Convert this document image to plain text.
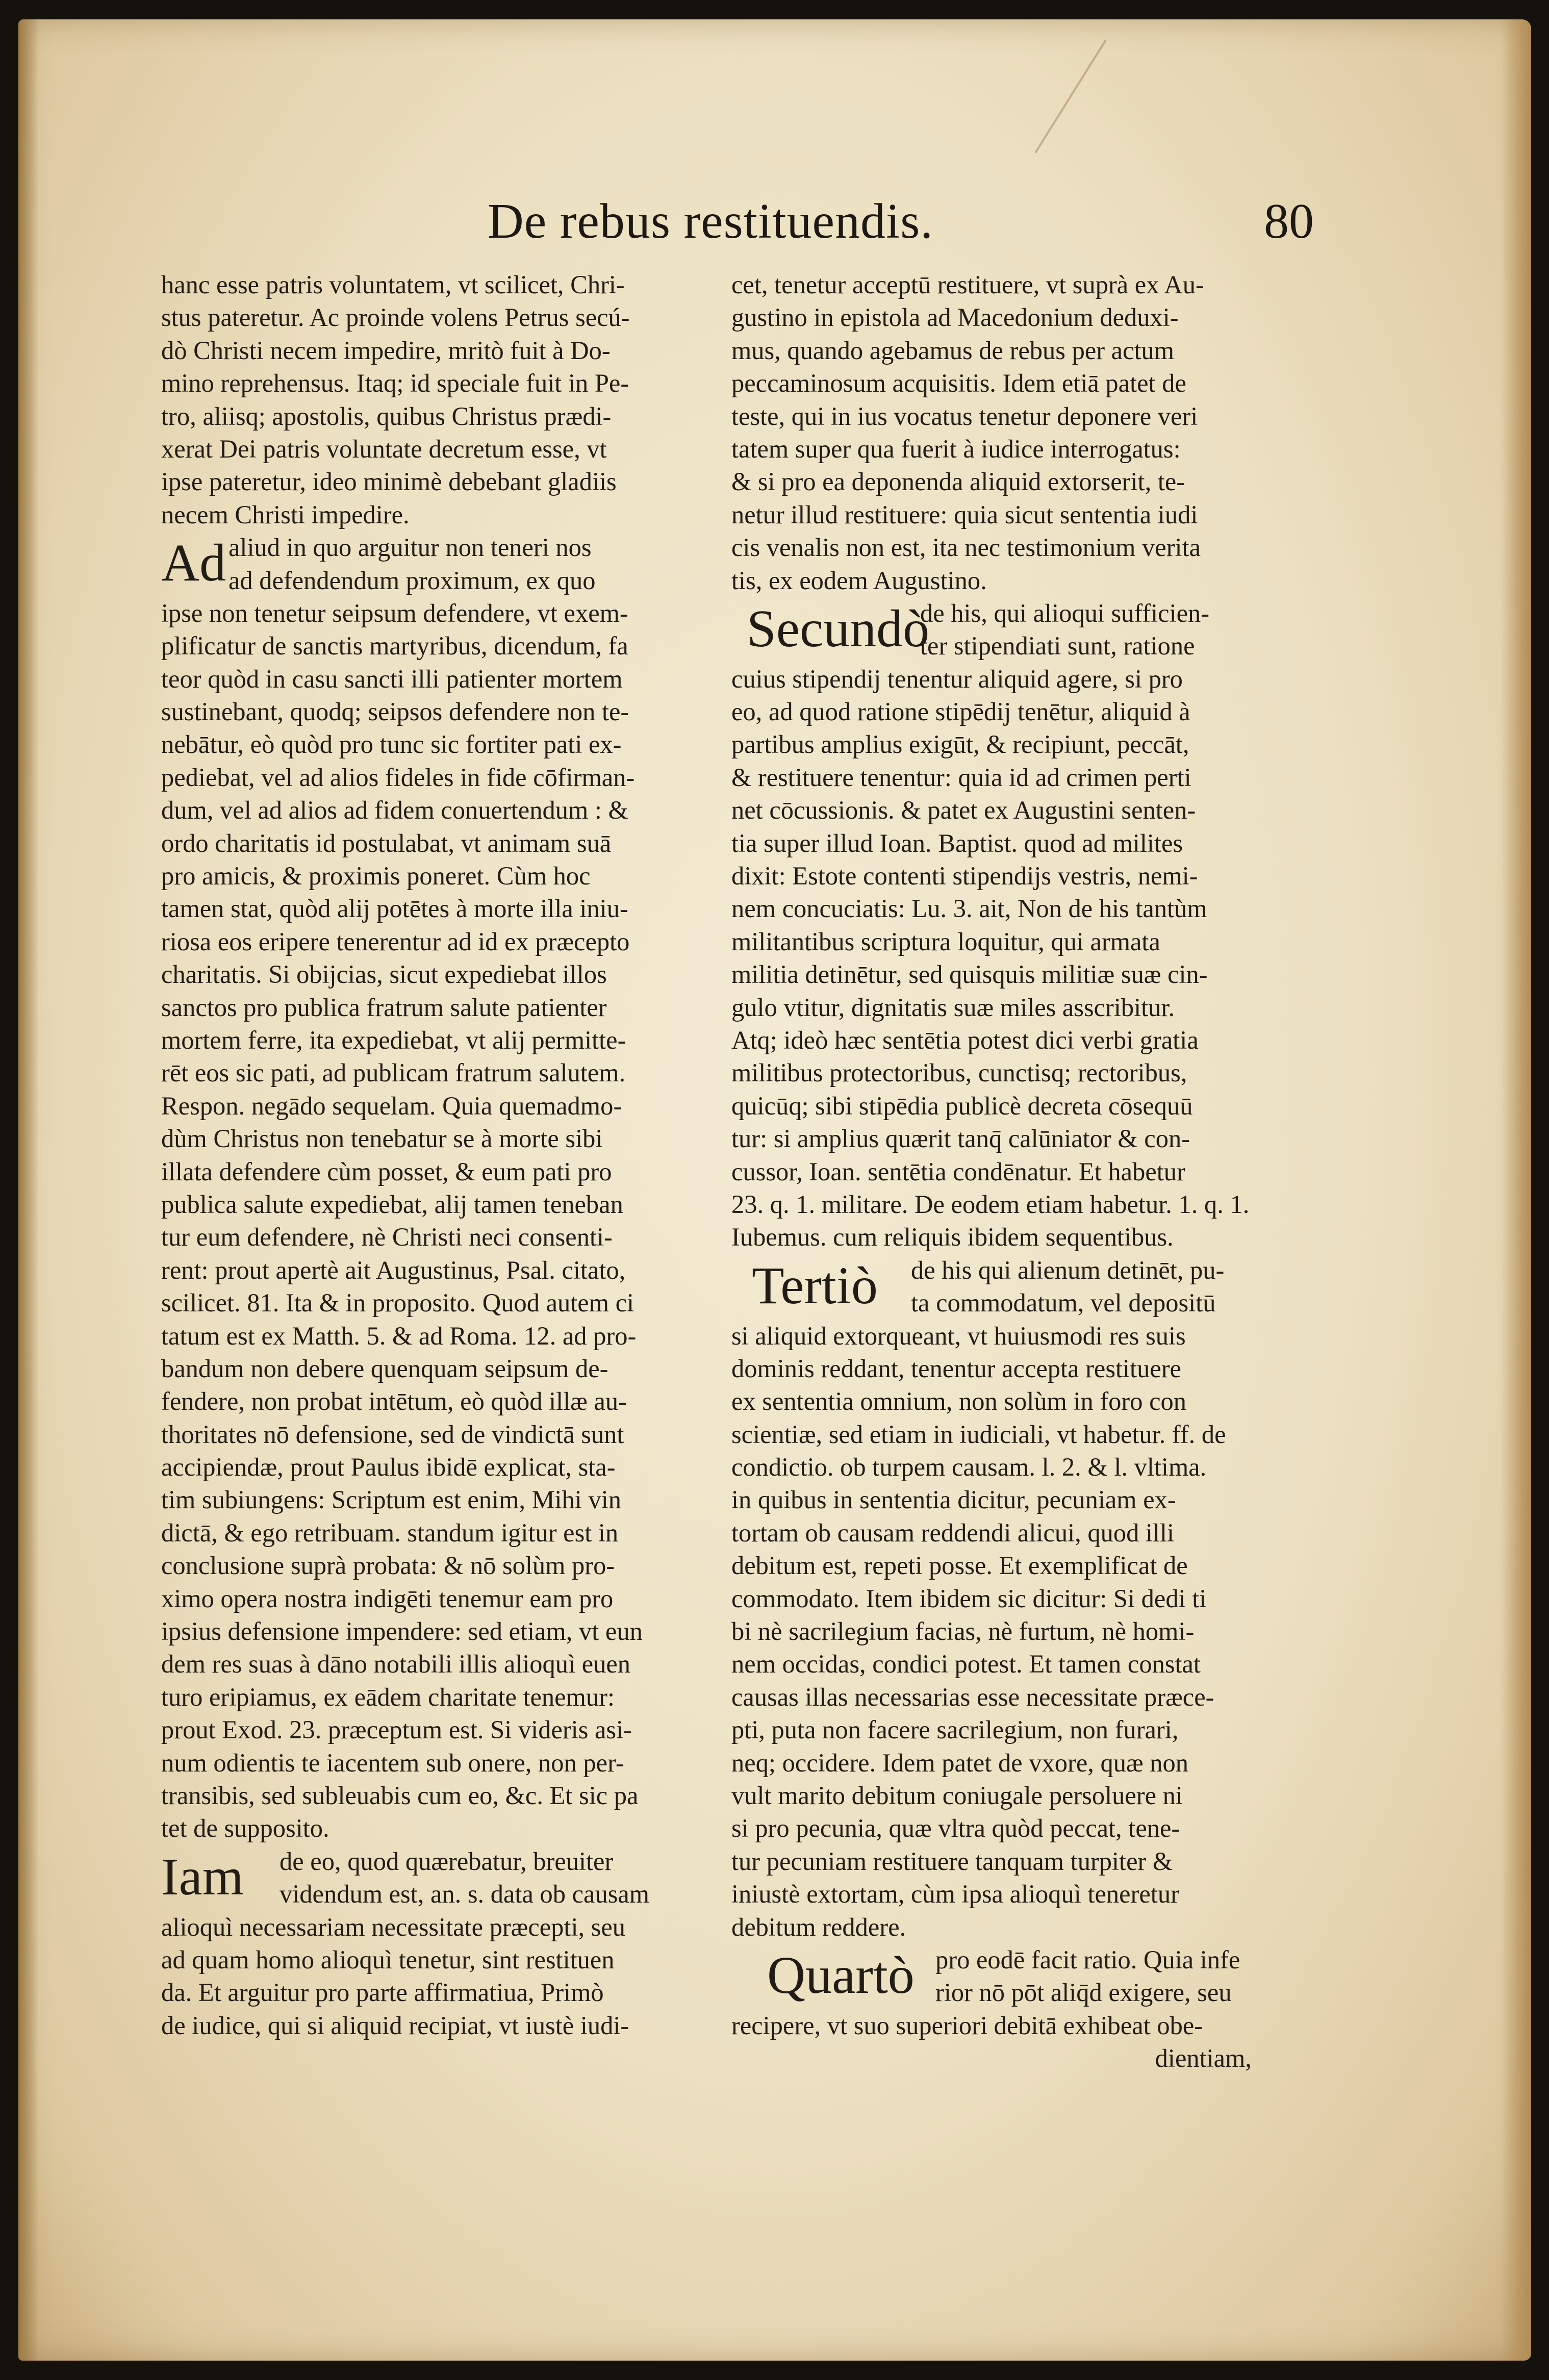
De rebus restituendis.	80
hanc esse patris voluntatem, vt scilicet, Chri-
stus pateretur. Ac proinde volens Petrus secú-
dò Christi necem impedire, mritò fuit à Do-
mino reprehensus. Itaq; id speciale fuit in Pe-
tro, aliisq; apostolis, quibus Christus prædi-
xerat Dei patris voluntate decretum esse, vt
ipse pateretur, ideo minimè debebant gladiis
necem Christi impedire.
Ad aliud in quo arguitur non teneri nos
ad defendendum proximum, ex quo
ipse non tenetur seipsum defendere, vt exem-
plificatur de sanctis martyribus, dicendum, fa
teor quòd in casu sancti illi patienter mortem
sustinebant, quodq; seipsos defendere non te-
nebātur, eò quòd pro tunc sic fortiter pati ex-
pediebat, vel ad alios fideles in fide cōfirman-
dum, vel ad alios ad fidem conuertendum : &
ordo charitatis id postulabat, vt animam suā
pro amicis, & proximis poneret. Cùm hoc
tamen stat, quòd alij potētes à morte illa iniu-
riosa eos eripere tenerentur ad id ex præcepto
charitatis. Si obijcias, sicut expediebat illos
sanctos pro publica fratrum salute patienter
mortem ferre, ita expediebat, vt alij permitte-
rēt eos sic pati, ad publicam fratrum salutem.
Respon. negādo sequelam. Quia quemadmo-
dùm Christus non tenebatur se à morte sibi
illata defendere cùm posset, & eum pati pro
publica salute expediebat, alij tamen teneban
tur eum defendere, nè Christi neci consenti-
rent: prout apertè ait Augustinus, Psal. citato,
scilicet. 81. Ita & in proposito. Quod autem ci
tatum est ex Matth. 5. & ad Roma. 12. ad pro-
bandum non debere quenquam seipsum de-
fendere, non probat intētum, eò quòd illæ au-
thoritates nō defensione, sed de vindictā sunt
accipiendæ, prout Paulus ibidē explicat, sta-
tim subiungens: Scriptum est enim, Mihi vin
dictā, & ego retribuam. standum igitur est in
conclusione suprà probata: & nō solùm pro-
ximo opera nostra indigēti tenemur eam pro
ipsius defensione impendere: sed etiam, vt eun
dem res suas à dāno notabili illis alioquì euen
turo eripiamus, ex eādem charitate tenemur:
prout Exod. 23. præceptum est. Si videris asi-
num odientis te iacentem sub onere, non per-
transibis, sed subleuabis cum eo, &c. Et sic pa
tet de supposito.
Iam de eo, quod quærebatur, breuiter
videndum est, an. s. data ob causam
alioquì necessariam necessitate præcepti, seu
ad quam homo alioquì tenetur, sint restituen
da. Et arguitur pro parte affirmatiua, Primò
de iudice, qui si aliquid recipiat, vt iustè iudi-
cet, tenetur acceptū restituere, vt suprà ex Au-
gustino in epistola ad Macedonium deduxi-
mus, quando agebamus de rebus per actum
peccaminosum acquisitis. Idem etiā patet de
teste, qui in ius vocatus tenetur deponere veri
tatem super qua fuerit à iudice interrogatus:
& si pro ea deponenda aliquid extorserit, te-
netur illud restituere: quia sicut sententia iudi
cis venalis non est, ita nec testimonium verita
tis, ex eodem Augustino.
Secundò
de his, qui alioqui sufficien-
ter stipendiati sunt, ratione
cuius stipendij tenentur aliquid agere, si pro
eo, ad quod ratione stipēdij tenētur, aliquid à
partibus amplius exigūt, & recipiunt, peccāt,
& restituere tenentur: quia id ad crimen perti
net cōcussionis. & patet ex Augustini senten-
tia super illud Ioan. Baptist. quod ad milites
dixit: Estote contenti stipendijs vestris, nemi-
nem concuciatis: Lu. 3. ait, Non de his tantùm
militantibus scriptura loquitur, qui armata
militia detinētur, sed quisquis militiæ suæ cin-
gulo vtitur, dignitatis suæ miles asscribitur.
Atq; ideò hæc sentētia potest dici verbi gratia
militibus protectoribus, cunctisq; rectoribus,
quicūq; sibi stipēdia publicè decreta cōsequū
tur: si amplius quærit tanq̄ calūniator & con-
cussor, Ioan. sentētia condēnatur. Et habetur
23. q. 1. militare. De eodem etiam habetur. 1. q. 1.
Iubemus. cum reliquis ibidem sequentibus.
Tertiò de his qui alienum detinēt, pu-
ta commodatum, vel depositū
si aliquid extorqueant, vt huiusmodi res suis
dominis reddant, tenentur accepta restituere
ex sententia omnium, non solùm in foro con
scientiæ, sed etiam in iudiciali, vt habetur. ff. de
condictio. ob turpem causam. l. 2. & l. vltima.
in quibus in sententia dicitur, pecuniam ex-
tortam ob causam reddendi alicui, quod illi
debitum est, repeti posse. Et exemplificat de
commodato. Item ibidem sic dicitur: Si dedi ti
bi nè sacrilegium facias, nè furtum, nè homi-
nem occidas, condici potest. Et tamen constat
causas illas necessarias esse necessitate præce-
pti, puta non facere sacrilegium, non furari,
neq; occidere. Idem patet de vxore, quæ non
vult marito debitum coniugale persoluere ni
si pro pecunia, quæ vltra quòd peccat, tene-
tur pecuniam restituere tanquam turpiter &
iniustè extortam, cùm ipsa alioquì teneretur
debitum reddere.
Quartò pro eodē facit ratio. Quia infe
rior nō pōt aliq̄d exigere, seu
recipere, vt suo superiori debitā exhibeat obe-
dientiam,
